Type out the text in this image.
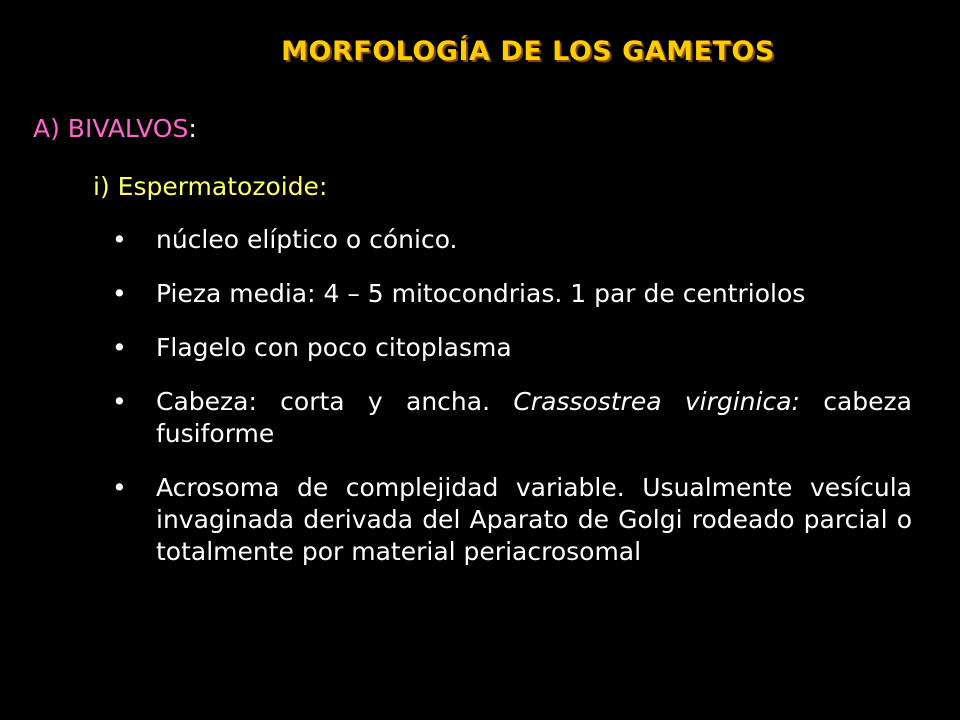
MORFOLOGÍA DE LOS GAMETOS
A) BIVALVOS:
i) Espermatozoide:
• núcleo elíptico o cónico.
• Pieza media: 4 – 5 mitocondrias. 1 par de centriolos
• Flagelo con poco citoplasma
• Cabeza: corta y ancha. Crassostrea virginica: cabeza fusiforme
• Acrosoma de complejidad variable. Usualmente vesícula invaginada derivada del Aparato de Golgi rodeado parcial o totalmente por material periacrosomal
